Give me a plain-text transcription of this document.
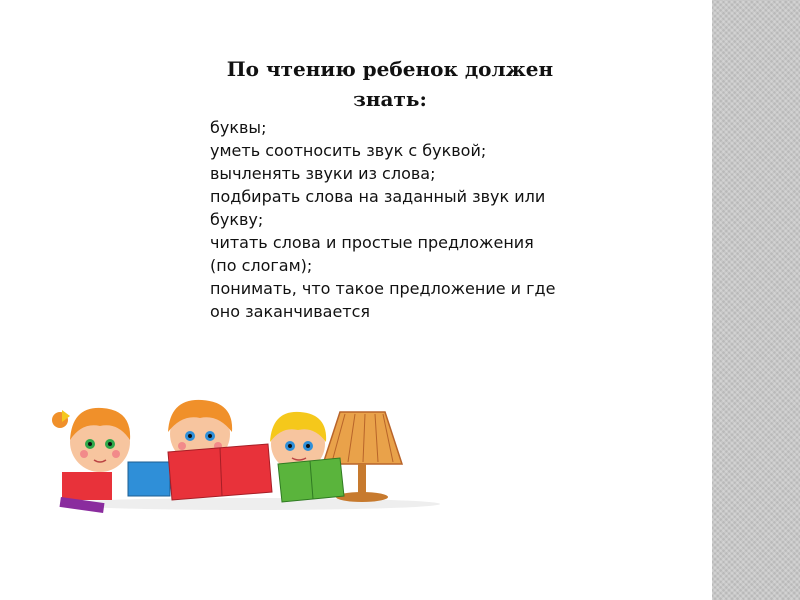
По чтению ребенок должен
знать:
буквы;
уметь соотносить звук с буквой;
вычленять звуки из слова;
подбирать слова на заданный звук или
букву;
читать слова и простые предложения
(по слогам);
понимать, что такое предложение и где
оно заканчивается
